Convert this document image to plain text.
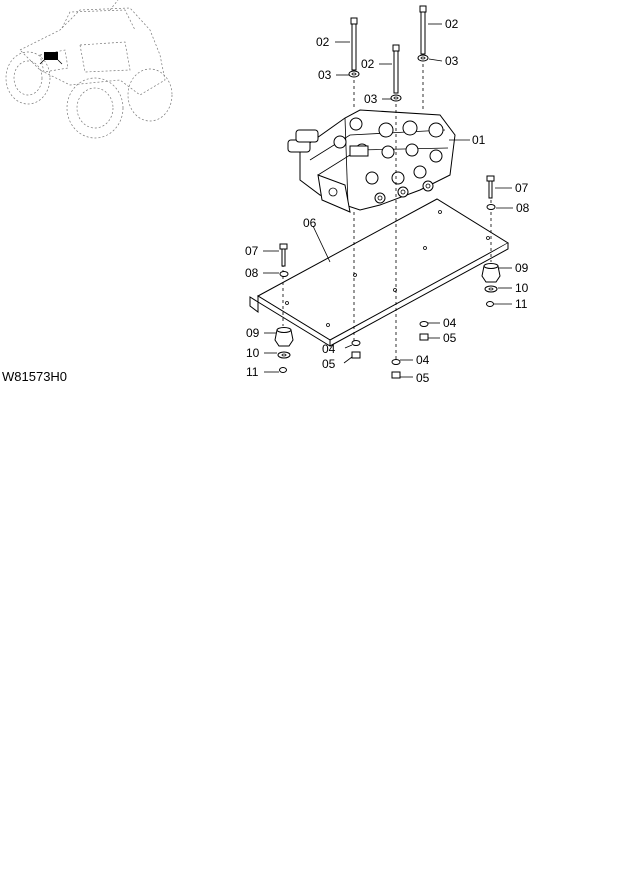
01
02
02
02
03
03
03
06
07
08
07
08	09
10
11
09
10
11
04
05	04
05
04
05
W81573H0
